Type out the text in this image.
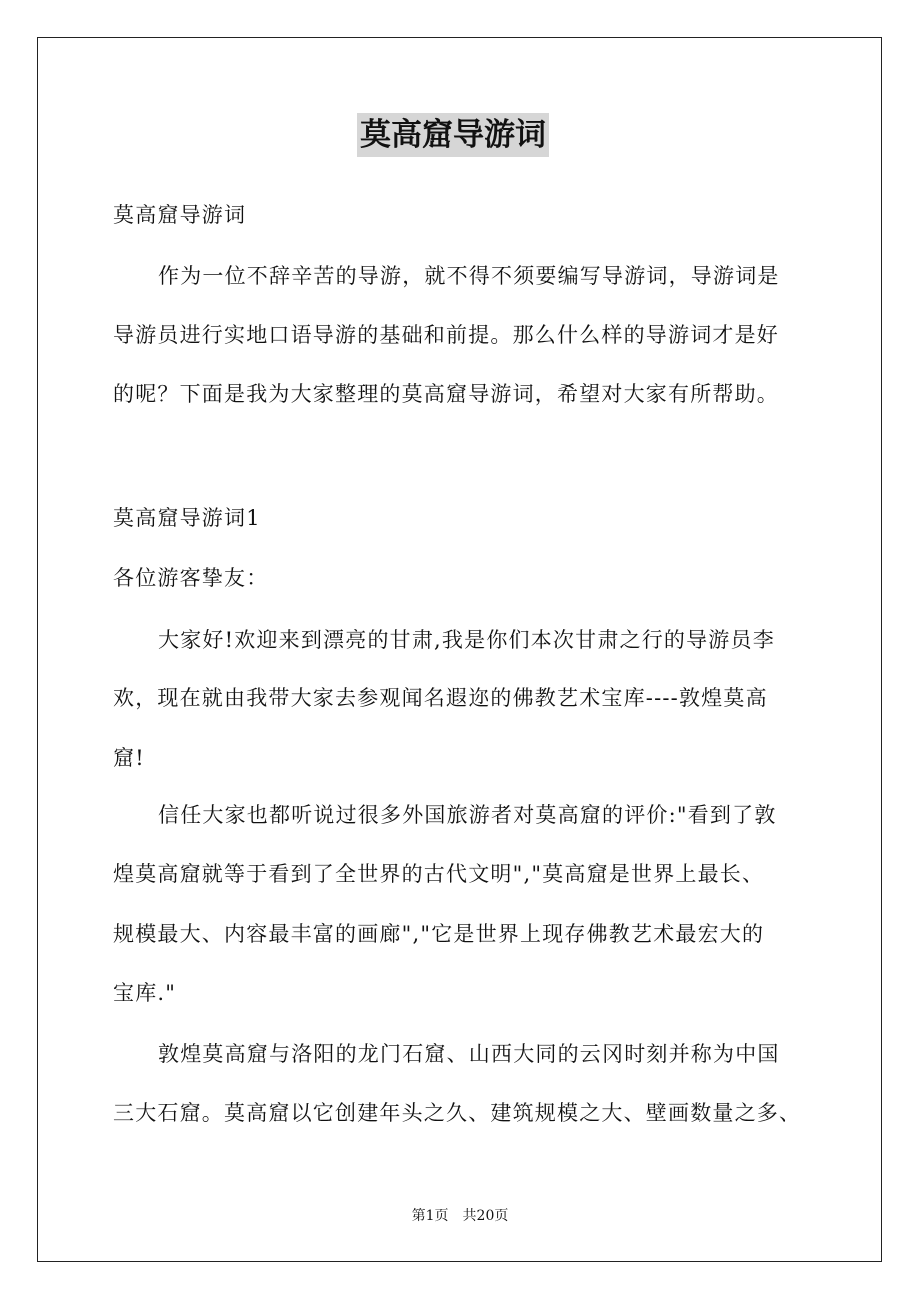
莫高窟导游词
莫高窟导游词
作为一位不辞辛苦的导游，就不得不须要编写导游词，导游词是
导游员进行实地口语导游的基础和前提。那么什么样的导游词才是好
的呢？下面是我为大家整理的莫高窟导游词，希望对大家有所帮助。
莫高窟导游词1
各位游客挚友：
大家好!欢迎来到漂亮的甘肃,我是你们本次甘肃之行的导游员李
欢，现在就由我带大家去参观闻名遐迩的佛教艺术宝库----敦煌莫高
窟!
信任大家也都听说过很多外国旅游者对莫高窟的评价:"看到了敦
煌莫高窟就等于看到了全世界的古代文明","莫高窟是世界上最长、
规模最大、内容最丰富的画廊","它是世界上现存佛教艺术最宏大的
宝库."
敦煌莫高窟与洛阳的龙门石窟、山西大同的云冈时刻并称为中国
三大石窟。莫高窟以它创建年头之久、建筑规模之大、壁画数量之多、
第1页　共20页
